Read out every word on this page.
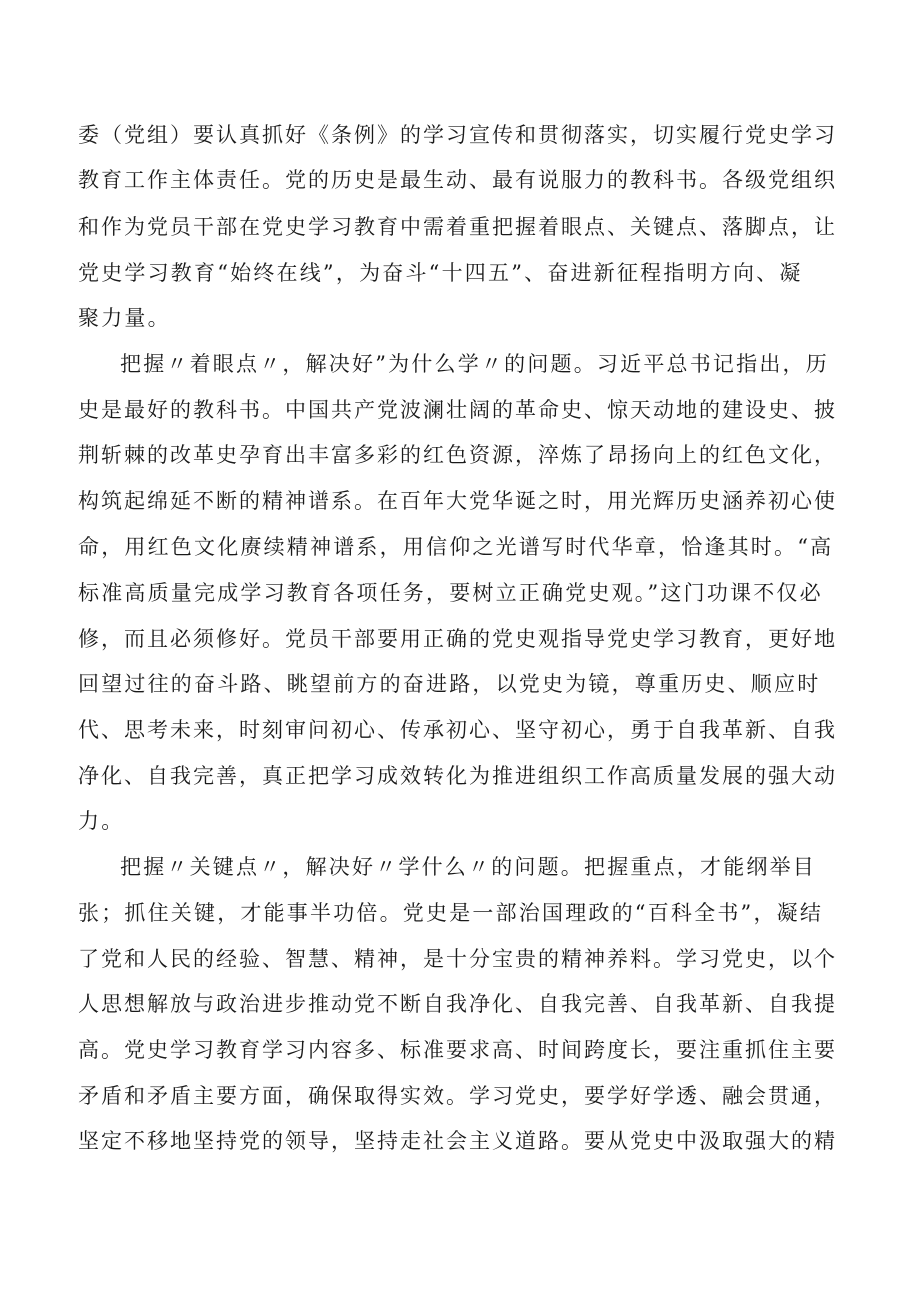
委（党组）要认真抓好《条例》的学习宣传和贯彻落实，切实履行党史学习
教育工作主体责任。党的历史是最生动、最有说服力的教科书。各级党组织
和作为党员干部在党史学习教育中需着重把握着眼点、关键点、落脚点，让
党史学习教育“始终在线”，为奋斗“十四五”、奋进新征程指明方向、凝
聚力量。
把握〃着眼点〃，解决好”为什么学〃的问题。习近平总书记指出，历
史是最好的教科书。中国共产党波澜壮阔的革命史、惊天动地的建设史、披
荆斩棘的改革史孕育出丰富多彩的红色资源，淬炼了昂扬向上的红色文化，
构筑起绵延不断的精神谱系。在百年大党华诞之时，用光辉历史涵养初心使
命，用红色文化赓续精神谱系，用信仰之光谱写时代华章，恰逢其时。“高
标准高质量完成学习教育各项任务，要树立正确党史观。”这门功课不仅必
修，而且必须修好。党员干部要用正确的党史观指导党史学习教育，更好地
回望过往的奋斗路、眺望前方的奋进路，以党史为镜，尊重历史、顺应时
代、思考未来，时刻审问初心、传承初心、坚守初心，勇于自我革新、自我
净化、自我完善，真正把学习成效转化为推进组织工作高质量发展的强大动
力。
把握〃关键点〃，解决好〃学什么〃的问题。把握重点，才能纲举目
张；抓住关键，才能事半功倍。党史是一部治国理政的“百科全书”，凝结
了党和人民的经验、智慧、精神，是十分宝贵的精神养料。学习党史，以个
人思想解放与政治进步推动党不断自我净化、自我完善、自我革新、自我提
高。党史学习教育学习内容多、标准要求高、时间跨度长，要注重抓住主要
矛盾和矛盾主要方面，确保取得实效。学习党史，要学好学透、融会贯通，
坚定不移地坚持党的领导，坚持走社会主义道路。要从党史中汲取强大的精
